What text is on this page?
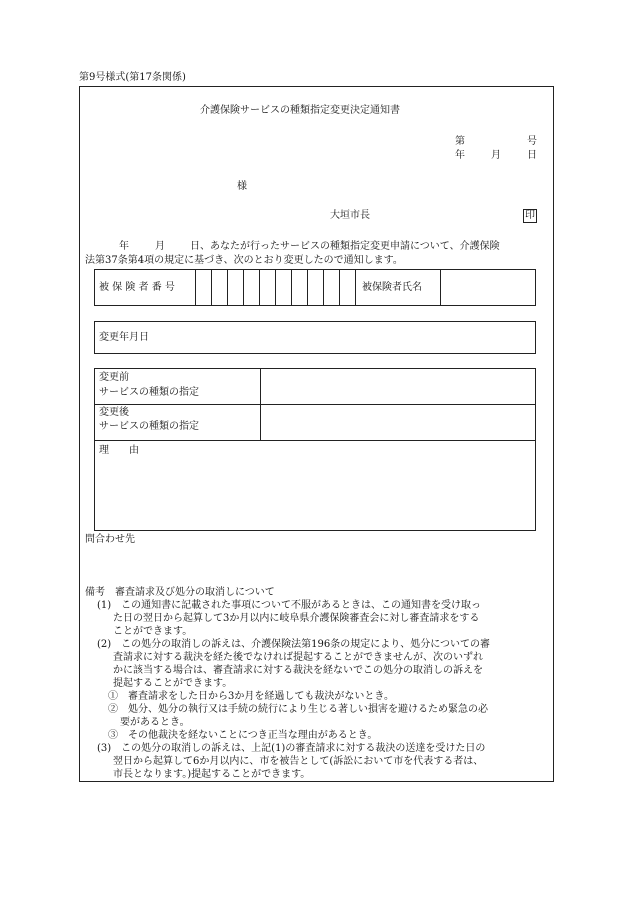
第9号様式(第17条関係)
介護保険サービスの種類指定変更決定通知書
第	号
年	月	日
様
大垣市長	印
年	月	日、あなたが行ったサービスの種類指定変更申請について、介護保険
法第37条第4項の規定に基づき、次のとおり変更したので通知します。
被 保 険 者 番 号	被保険者氏名
変更年月日
変更前
サービスの種類の指定
変更後
サービスの種類の指定
理　　由
問合わせ先
備考　審査請求及び処分の取消しについて
(1)　この通知書に記載された事項について不服があるときは、この通知書を受け取っ
た日の翌日から起算して3か月以内に岐阜県介護保険審査会に対し審査請求をする
ことができます。
(2)　この処分の取消しの訴えは、介護保険法第196条の規定により、処分についての審
査請求に対する裁決を経た後でなければ提起することができませんが、次のいずれ
かに該当する場合は、審査請求に対する裁決を経ないでこの処分の取消しの訴えを
提起することができます。
①　審査請求をした日から3か月を経過しても裁決がないとき。
②　処分、処分の執行又は手続の続行により生じる著しい損害を避けるため緊急の必
要があるとき。
③　その他裁決を経ないことにつき正当な理由があるとき。
(3)　この処分の取消しの訴えは、上記(1)の審査請求に対する裁決の送達を受けた日の
翌日から起算して6か月以内に、市を被告として(訴訟において市を代表する者は、
市長となります。)提起することができます。
